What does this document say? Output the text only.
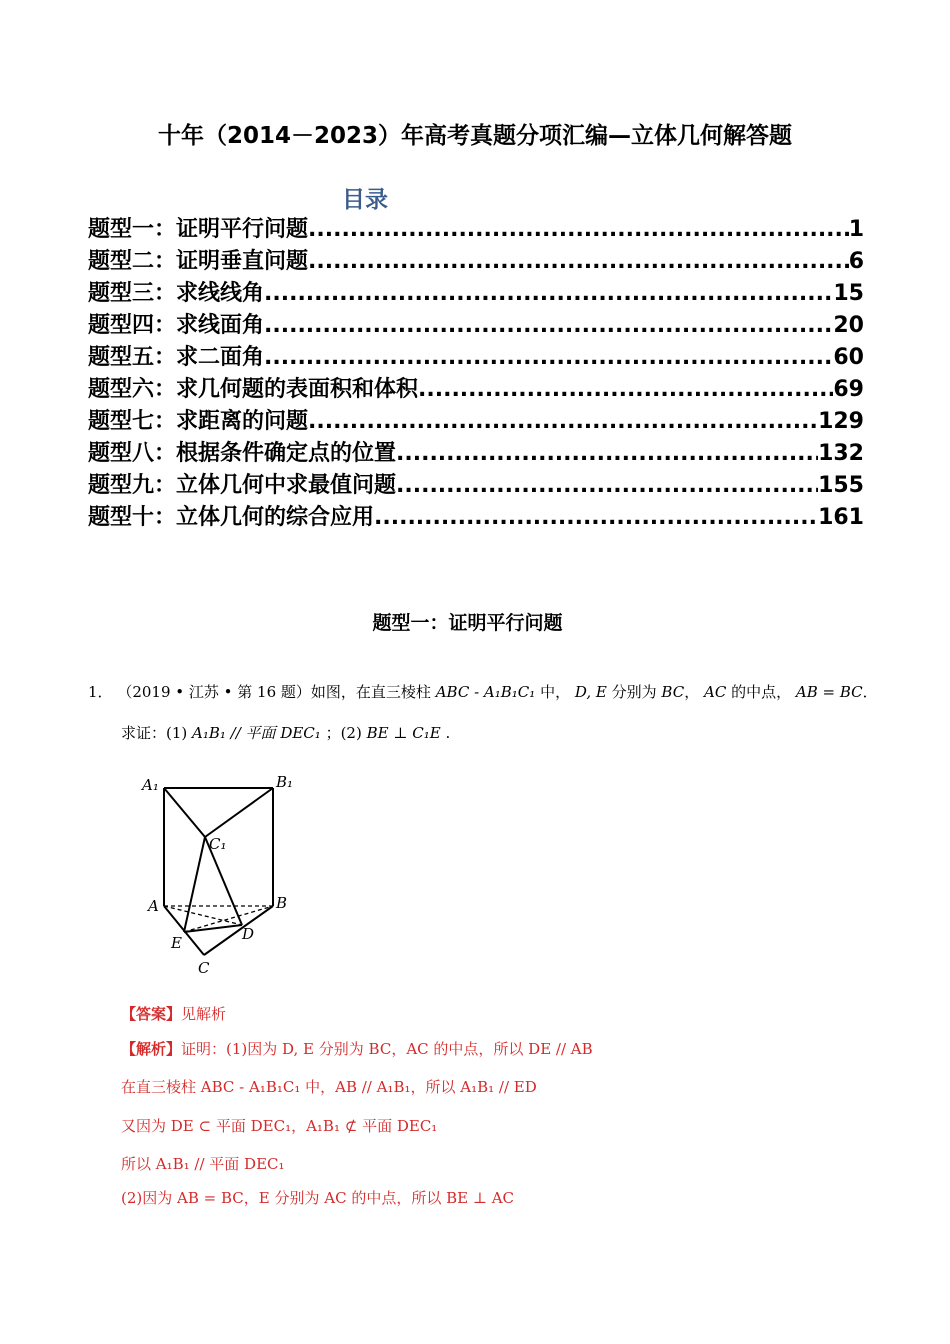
十年（2014－2023）年高考真题分项汇编—立体几何解答题
目录
题型一：证明平行问题 .....	1
题型二：证明垂直问题 .....	6
题型三：求线线角 .....	15
题型四：求线面角 .....	20
题型五：求二面角 .....	60
题型六：求几何题的表面积和体积 .....	69
题型七：求距离的问题 .....	129
题型八：根据条件确定点的位置 .....	132
题型九：立体几何中求最值问题 .....	155
题型十：立体几何的综合应用 .....	161
题型一：证明平行问题
1． （2019 • 江苏 • 第 16 题）如图，在直三棱柱 ABC - A₁B₁C₁ 中， D, E 分别为 BC， AC 的中点， AB = BC．
求证：(1) A₁B₁ // 平面 DEC₁ ；(2) BE ⊥ C₁E .
A₁	B₁
C₁
A	B
E	D
C
【答案】见解析
【解析】证明：(1)因为 D, E 分别为 BC，AC 的中点，所以 DE // AB
在直三棱柱 ABC - A₁B₁C₁ 中，AB // A₁B₁，所以 A₁B₁ // ED
又因为 DE ⊂ 平面 DEC₁，A₁B₁ ⊄ 平面 DEC₁
所以 A₁B₁ // 平面 DEC₁
(2)因为 AB = BC，E 分别为 AC 的中点，所以 BE ⊥ AC
